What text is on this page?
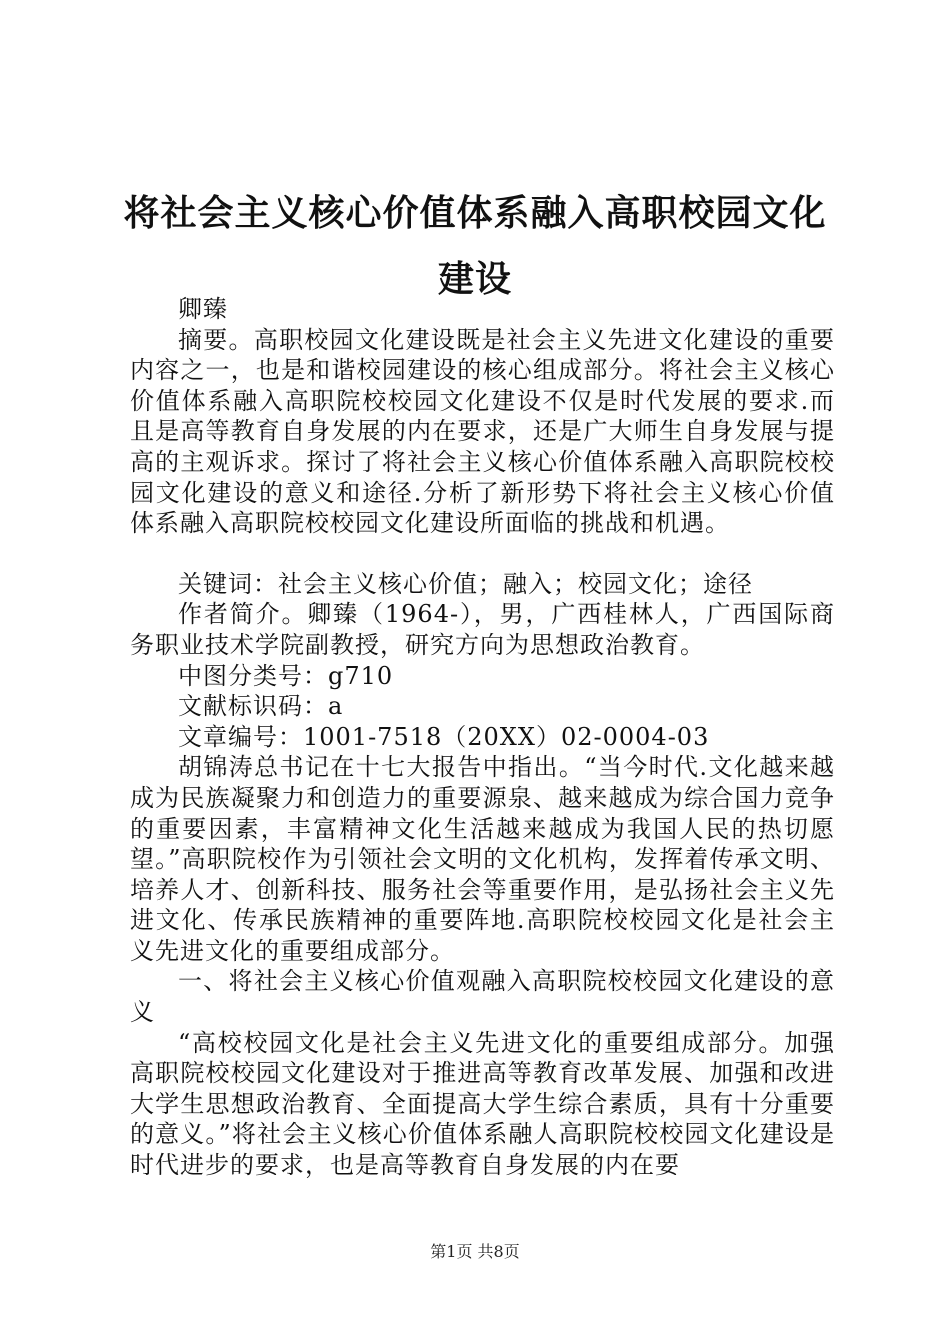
将社会主义核心价值体系融入高职校园文化建设

卿臻

摘要。高职校园文化建设既是社会主义先进文化建设的重要内容之一，也是和谐校园建设的核心组成部分。将社会主义核心价值体系融入高职院校校园文化建设不仅是时代发展的要求.而且是高等教育自身发展的内在要求，还是广大师生自身发展与提高的主观诉求。探讨了将社会主义核心价值体系融入高职院校校园文化建设的意义和途径.分析了新形势下将社会主义核心价值体系融入高职院校校园文化建设所面临的挑战和机遇。

关键词：社会主义核心价值；融入；校园文化；途径

作者简介。卿臻（1964-），男，广西桂林人，广西国际商务职业技术学院副教授，研究方向为思想政治教育。

中图分类号：g710

文献标识码：a

文章编号：1001-7518（20XX）02-0004-03

胡锦涛总书记在十七大报告中指出。“当今时代.文化越来越成为民族凝聚力和创造力的重要源泉、越来越成为综合国力竞争的重要因素，丰富精神文化生活越来越成为我国人民的热切愿望。”高职院校作为引领社会文明的文化机构，发挥着传承文明、培养人才、创新科技、服务社会等重要作用，是弘扬社会主义先进文化、传承民族精神的重要阵地.高职院校校园文化是社会主义先进文化的重要组成部分。

一、将社会主义核心价值观融入高职院校校园文化建设的意义

“高校校园文化是社会主义先进文化的重要组成部分。加强高职院校校园文化建设对于推进高等教育改革发展、加强和改进大学生思想政治教育、全面提高大学生综合素质，具有十分重要的意义。”将社会主义核心价值体系融人高职院校校园文化建设是时代进步的要求，也是高等教育自身发展的内在要

第1页 共8页
